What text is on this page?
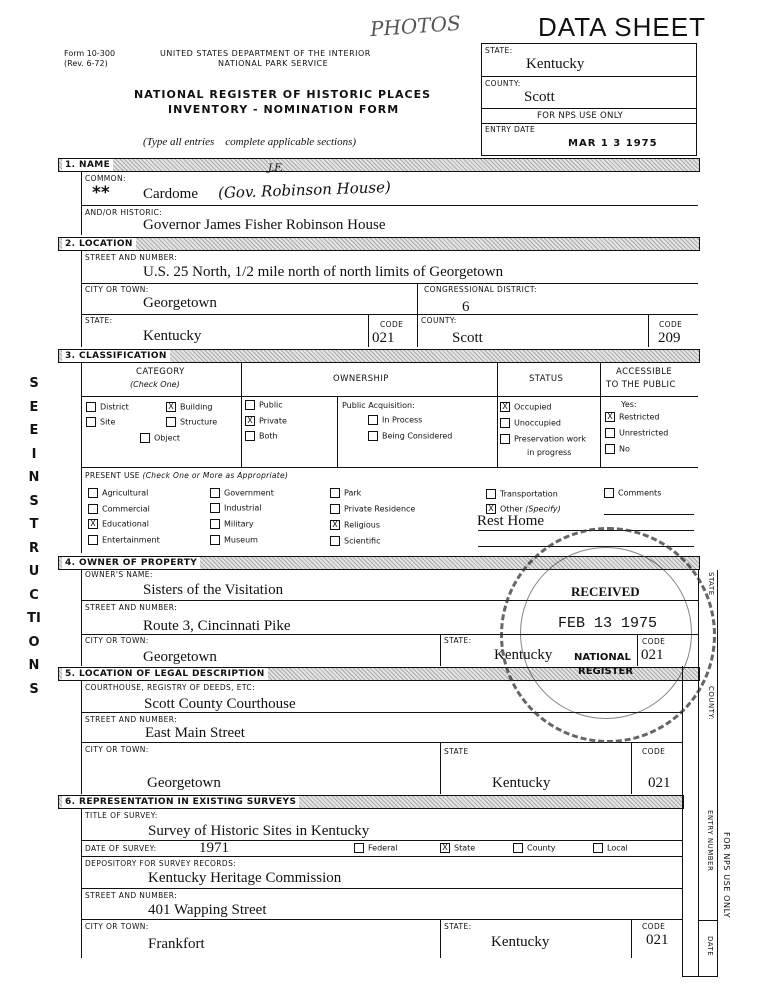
PHOTOS	DATA SHEET
Form 10-300
(Rev. 6-72)
UNITED STATES DEPARTMENT OF THE INTERIOR
NATIONAL PARK SERVICE
NATIONAL REGISTER OF HISTORIC PLACES
INVENTORY - NOMINATION FORM
(Type all entries    complete applicable sections)
STATE:
Kentucky
COUNTY:
Scott
FOR NPS USE ONLY
ENTRY DATE
MAR 1 3 1975
SEE INSTRUCTIONS
1. NAME
COMMON:
** Cardome (Gov. Robinson House)
J.F.
AND/OR HISTORIC:
Governor James Fisher Robinson House
2. LOCATION
STREET AND NUMBER:
U.S. 25 North, 1/2 mile north of north limits of Georgetown
CITY OR TOWN:
Georgetown
CONGRESSIONAL DISTRICT:
6
STATE:
Kentucky
CODE
021
COUNTY:
Scott
CODE
209
3. CLASSIFICATION
CATEGORY
(Check One)
OWNERSHIP	STATUS
ACCESSIBLE
TO THE PUBLIC
District	X Building
Site	Structure
Object
Public
X Private
Both
Public Acquisition:
In Process
Being Considered
X Occupied
Unoccupied
Preservation work
in progress
Yes:
X Restricted
Unrestricted
No
PRESENT USE (Check One or More as Appropriate)
Agricultural
Commercial
X Educational
Entertainment
Government
Industrial
Military
Museum
Park
Private Residence
X Religious
Scientific
Transportation
X Other (Specify)
Comments
Rest Home
4. OWNER OF PROPERTY
OWNER'S NAME:
Sisters of the Visitation
STREET AND NUMBER:
Route 3, Cincinnati Pike
CITY OR TOWN:
Georgetown
STATE:
Kentucky
CODE
021
5. LOCATION OF LEGAL DESCRIPTION
COURTHOUSE, REGISTRY OF DEEDS, ETC:
Scott County Courthouse
STREET AND NUMBER:
East Main Street
CITY OR TOWN:
Georgetown
STATE
Kentucky
CODE
021
6. REPRESENTATION IN EXISTING SURVEYS
TITLE OF SURVEY:
Survey of Historic Sites in Kentucky
DATE OF SURVEY:	1971	Federal	X State	County	Local
DEPOSITORY FOR SURVEY RECORDS:
Kentucky Heritage Commission
STREET AND NUMBER:
401 Wapping Street
CITY OR TOWN:
Frankfort
STATE:
Kentucky
CODE
021
STATE
COUNTY:
FOR NPS USE ONLY
ENTRY NUMBER
DATE
RECEIVED
FEB 13 1975
NATIONAL
REGISTER
